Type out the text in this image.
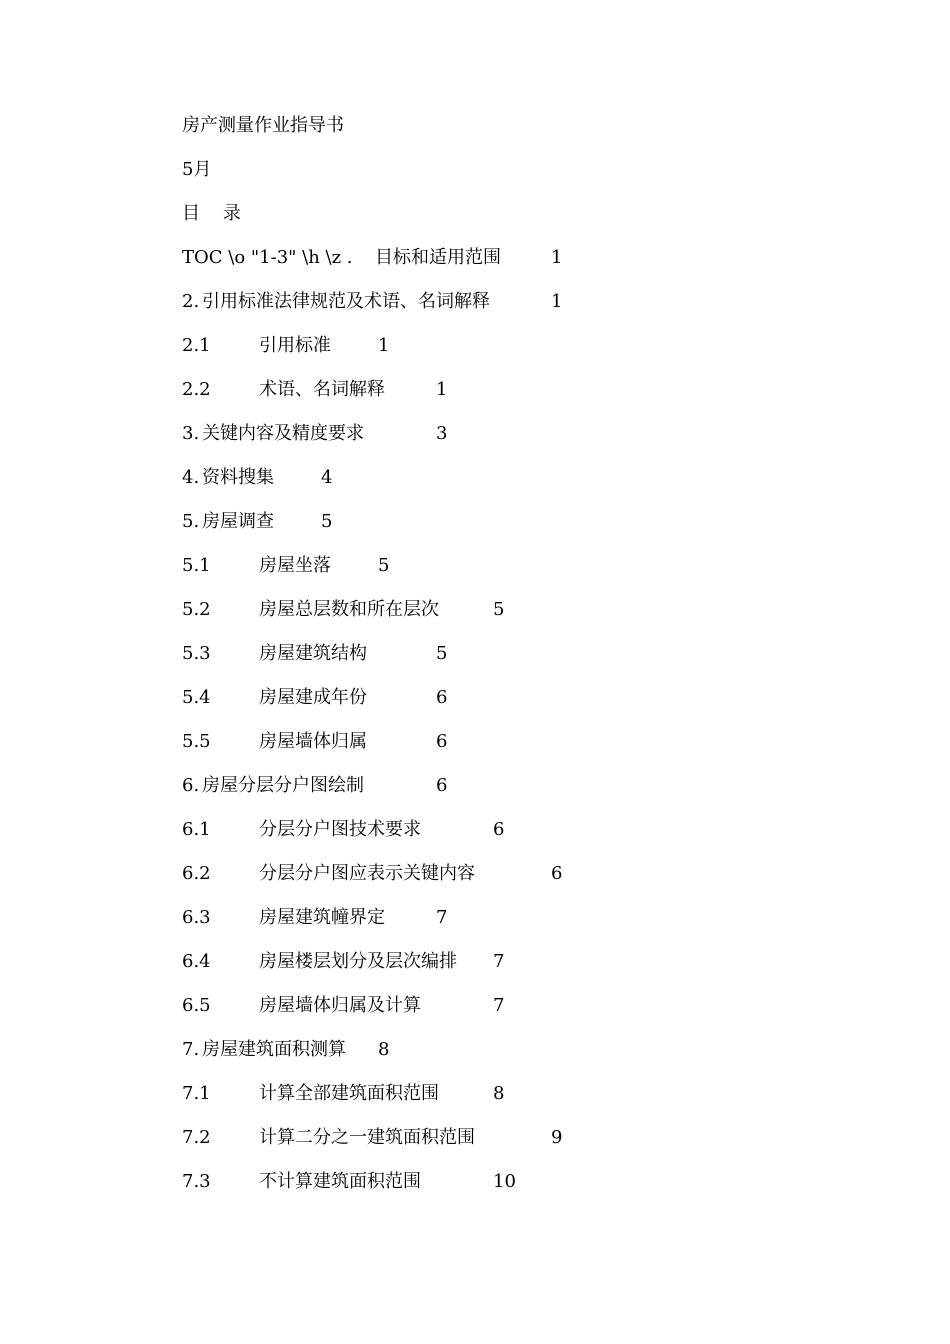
房产测量作业指导书
5月
目    录
TOC \o "1-3" \h \z . 目标和适用范围	1
2. 引用标准法律规范及术语、名词解释	1
2.1	引用标准	1
2.2	术语、名词解释	1
3. 关键内容及精度要求	3
4. 资料搜集	4
5. 房屋调查	5
5.1	房屋坐落	5
5.2	房屋总层数和所在层次	5
5.3	房屋建筑结构	5
5.4	房屋建成年份	6
5.5	房屋墙体归属	6
6. 房屋分层分户图绘制	6
6.1	分层分户图技术要求	6
6.2	分层分户图应表示关键内容	6
6.3	房屋建筑幢界定	7
6.4	房屋楼层划分及层次编排 7
6.5	房屋墙体归属及计算	7
7. 房屋建筑面积测算 8
7.1	计算全部建筑面积范围	8
7.2	计算二分之一建筑面积范围	9
7.3	不计算建筑面积范围	10
